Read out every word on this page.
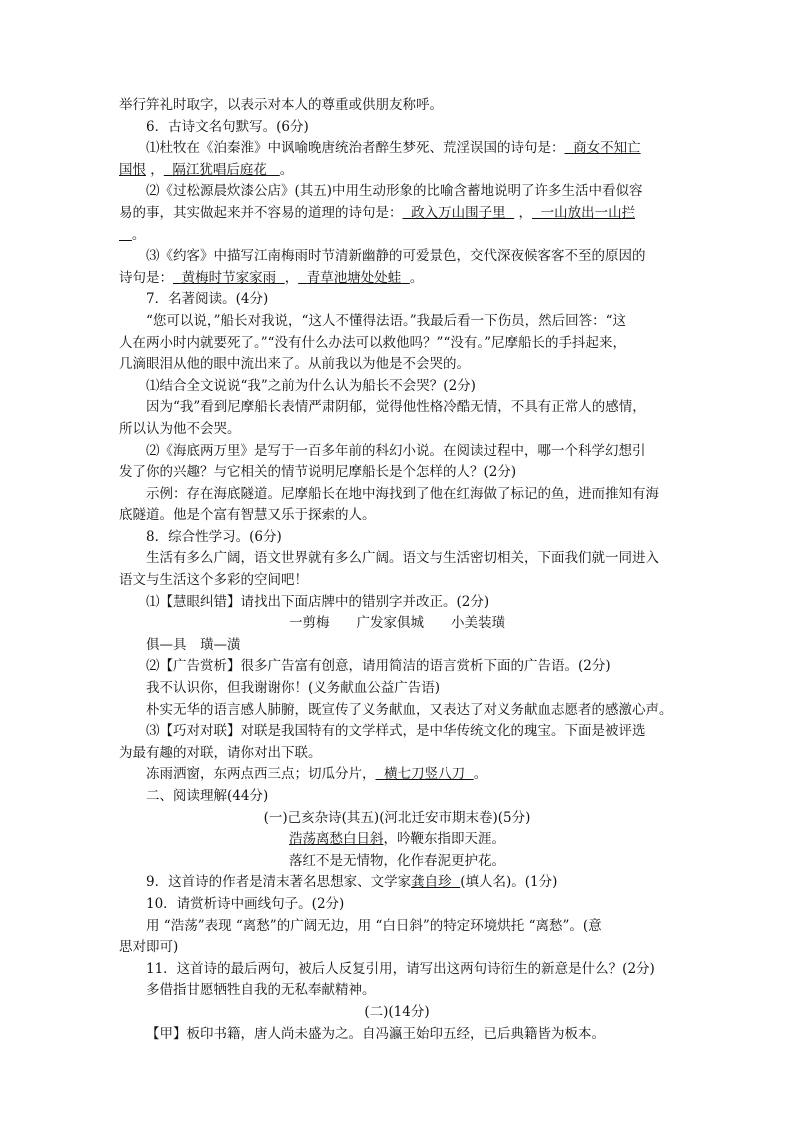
举行笄礼时取字，以表示对本人的尊重或供朋友称呼。
6．古诗文名句默写。(6分)
⑴杜牧在《泊秦淮》中讽喻晚唐统治者醉生梦死、荒淫误国的诗句是： 商女不知亡
国恨 ， 隔江犹唱后庭花 。
⑵《过松源晨炊漆公店》(其五)中用生动形象的比喻含蓄地说明了许多生活中看似容
易的事，其实做起来并不容易的道理的诗句是： 政入万山围子里   ， 一山放出一山拦
。
⑶《约客》中描写江南梅雨时节清新幽静的可爱景色，交代深夜候客客不至的原因的
诗句是： 黄梅时节家家雨 ， 青草池塘处处蛙 。
7．名著阅读。(4分)
“您可以说，”船长对我说，“这人不懂得法语。”我最后看一下伤员，然后回答：“这
人在两小时内就要死了。”“没有什么办法可以救他吗？”“没有。”尼摩船长的手抖起来，
几滴眼泪从他的眼中流出来了。从前我以为他是不会哭的。
⑴结合全文说说“我”之前为什么认为船长不会哭？(2分)
因为“我”看到尼摩船长表情严肃阴郁，觉得他性格冷酷无情，不具有正常人的感情，
所以认为他不会哭。
⑵《海底两万里》是写于一百多年前的科幻小说。在阅读过程中，哪一个科学幻想引
发了你的兴趣？与它相关的情节说明尼摩船长是个怎样的人？(2分)
示例：存在海底隧道。尼摩船长在地中海找到了他在红海做了标记的鱼，进而推知有海
底隧道。他是个富有智慧又乐于探索的人。
8．综合性学习。(6分)
生活有多么广阔，语文世界就有多么广阔。语文与生活密切相关，下面我们就一同进入
语文与生活这个多彩的空间吧！
⑴【慧眼纠错】请找出下面店牌中的错别字并改正。(2分)
一剪梅　　广发家俱城　　小美装璜
俱—具　璜—潢
⑵【广告赏析】很多广告富有创意，请用简洁的语言赏析下面的广告语。(2分)
我不认识你，但我谢谢你！(义务献血公益广告语)
朴实无华的语言感人肺腑，既宣传了义务献血，又表达了对义务献血志愿者的感激心声。
⑶【巧对对联】对联是我国特有的文学样式，是中华传统文化的瑰宝。下面是被评选
为最有趣的对联，请你对出下联。
冻雨洒窗，东两点西三点；切瓜分片， 横七刀竖八刀 。
二、阅读理解(44分)
(一)己亥杂诗(其五)(河北迁安市期末卷)(5分)
浩荡离愁白日斜，吟鞭东指即天涯。
落红不是无情物，化作春泥更护花。
9．这首诗的作者是清末著名思想家、文学家龚自珍 (填人名)。(1分)
10．请赏析诗中画线句子。(2分)
用 “浩荡”表现 “离愁”的广阔无边，用 “白日斜”的特定环境烘托 “离愁”。(意
思对即可)
11．这首诗的最后两句，被后人反复引用，请写出这两句诗衍生的新意是什么？(2分)
多借指甘愿牺牲自我的无私奉献精神。
(二)(14分)
【甲】板印书籍，唐人尚未盛为之。自冯瀛王始印五经，已后典籍皆为板本。
